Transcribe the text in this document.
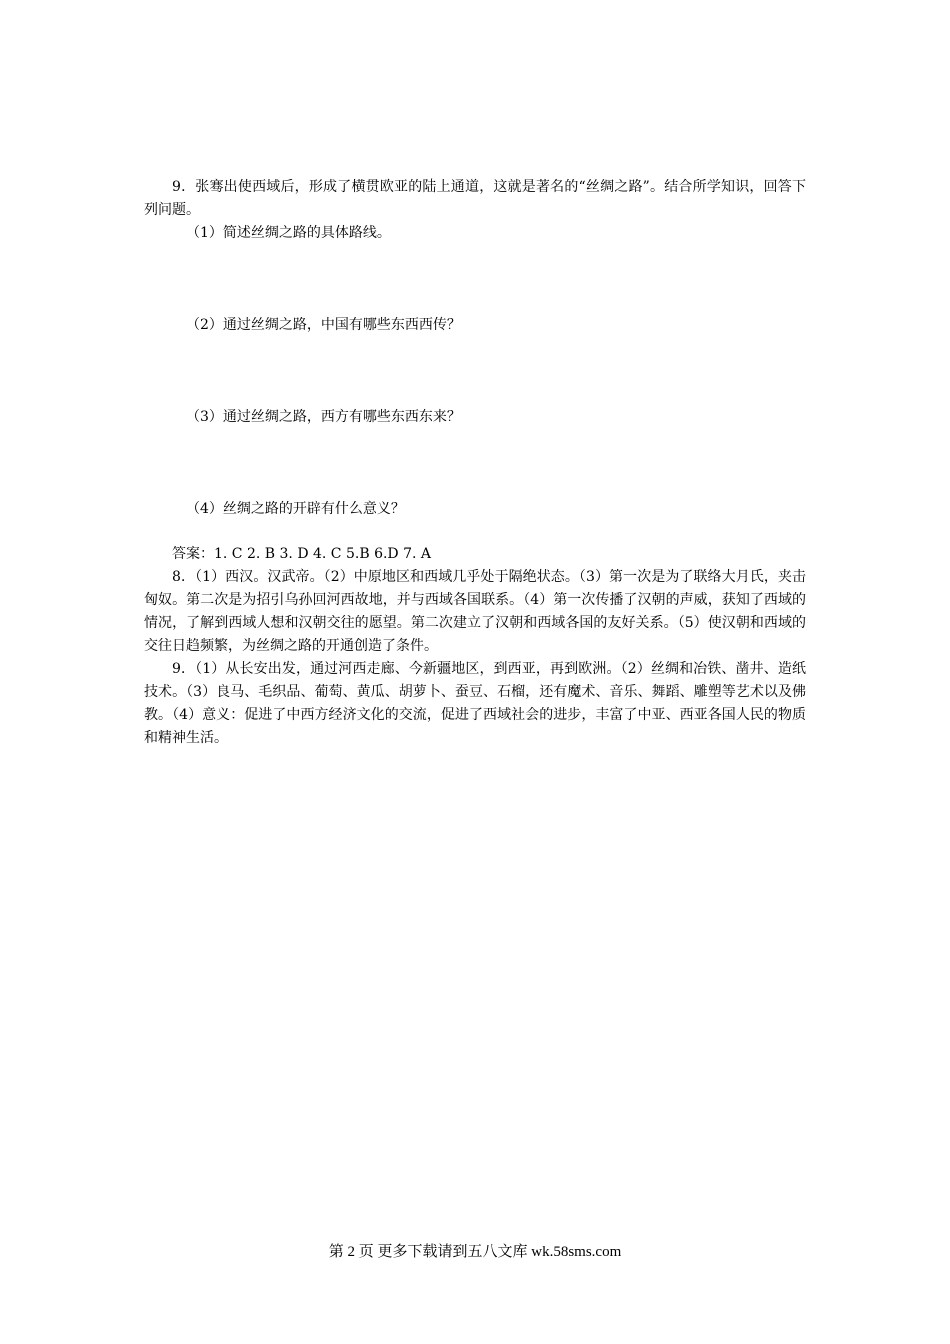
9．张骞出使西域后，形成了横贯欧亚的陆上通道，这就是著名的“丝绸之路”。结合所学知识，回答下列问题。

（1）简述丝绸之路的具体路线。

（2）通过丝绸之路，中国有哪些东西西传？

（3）通过丝绸之路，西方有哪些东西东来？

（4）丝绸之路的开辟有什么意义？

答案：1. C 2. B 3. D 4. C 5.B 6.D 7. A

8．（1）西汉。汉武帝。（2）中原地区和西域几乎处于隔绝状态。（3）第一次是为了联络大月氏，夹击匈奴。第二次是为招引乌孙回河西故地，并与西域各国联系。（4）第一次传播了汉朝的声威，获知了西域的情况，了解到西域人想和汉朝交往的愿望。第二次建立了汉朝和西域各国的友好关系。（5）使汉朝和西域的交往日趋频繁，为丝绸之路的开通创造了条件。

9．（1）从长安出发，通过河西走廊、今新疆地区，到西亚，再到欧洲。（2）丝绸和冶铁、凿井、造纸技术。（3）良马、毛织品、葡萄、黄瓜、胡萝卜、蚕豆、石榴，还有魔术、音乐、舞蹈、雕塑等艺术以及佛教。（4）意义：促进了中西方经济文化的交流，促进了西域社会的进步，丰富了中亚、西亚各国人民的物质和精神生活。

第 2 页 更多下载请到五八文库 wk.58sms.com
